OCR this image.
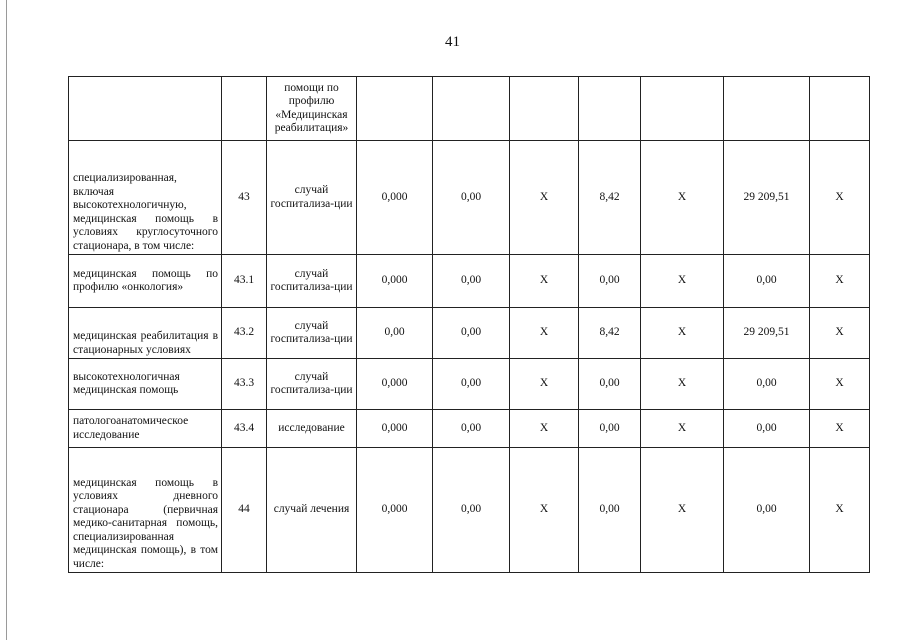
41
		помощи по профилю «Медицинская реабилитация»							
специализированная, включая высокотехнологичную, медицинская помощь в условиях круглосуточного стационара, в том числе:	43	случай госпитализа-ции	0,000	0,00	X	8,42	X	29 209,51	X
медицинская помощь по профилю «онкология»	43.1	случай госпитализа-ции	0,000	0,00	X	0,00	X	0,00	X
медицинская реабилитация в стационарных условиях	43.2	случай госпитализа-ции	0,00	0,00	X	8,42	X	29 209,51	X
высокотехнологичная медицинская помощь	43.3	случай госпитализа-ции	0,000	0,00	X	0,00	X	0,00	X
патологоанатомическое исследование	43.4	исследование	0,000	0,00	X	0,00	X	0,00	X
медицинская помощь в условиях дневного стационара (первичная медико-санитарная помощь, специализированная медицинская помощь), в том числе:	44	случай лечения	0,000	0,00	X	0,00	X	0,00	X
